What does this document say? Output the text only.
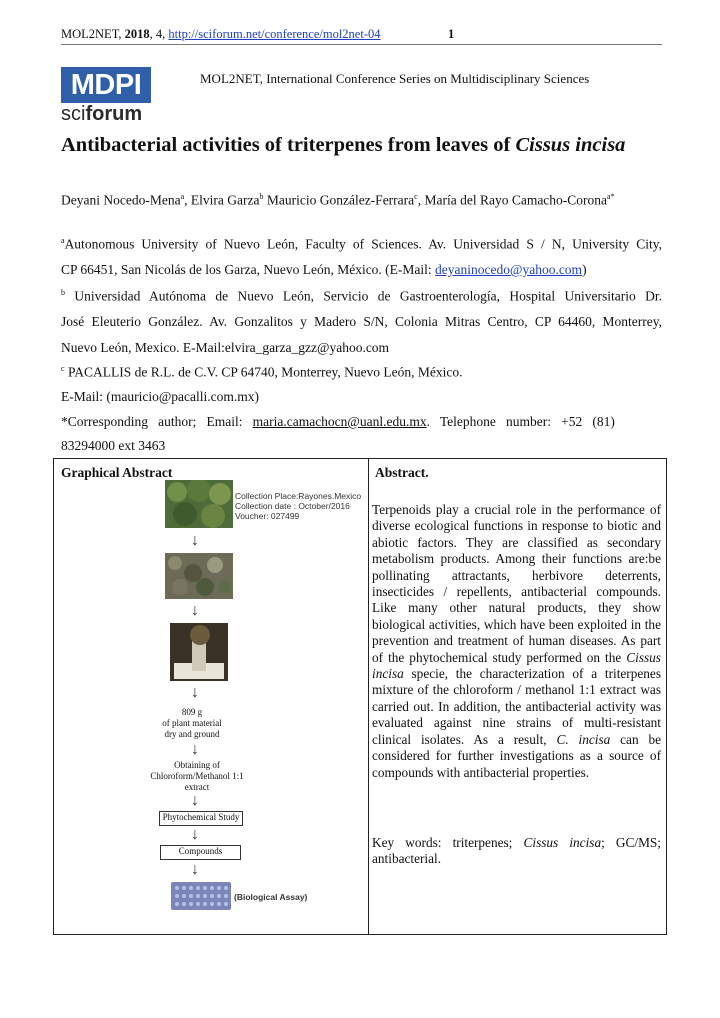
MOL2NET, 2018, 4, http://sciforum.net/conference/mol2net-04	1
MDPI
sciforum
MOL2NET, International Conference Series on Multidisciplinary Sciences
Antibacterial activities of triterpenes from leaves of Cissus incisa
Deyani Nocedo-Mena$^a$, Elvira Garza$^b$ Mauricio González-Ferrara$^c$, María del Rayo Camacho-Corona$^{a*}$
$^a$Autonomous University of Nuevo León, Faculty of Sciences. Av. Universidad S / N, University City,
CP 66451, San Nicolás de los Garza, Nuevo León, México. (E-Mail: deyaninocedo@yahoo.com)
$^b$ Universidad Autónoma de Nuevo León, Servicio de Gastroenterología, Hospital Universitario Dr.
José Eleuterio González. Av. Gonzalitos y Madero S/N, Colonia Mitras Centro, CP 64460, Monterrey,
Nuevo León, Mexico. E-Mail:elvira_garza_gzz@yahoo.com
$^c$ PACALLIS de R.L. de C.V. CP 64740, Monterrey, Nuevo León, México.
E-Mail: (mauricio@pacalli.com.mx)
*Corresponding   author;   Email:   maria.camachocn@uanl.edu.mx.   Telephone   number:   +52   (81)
83294000 ext 3463
Graphical Abstract	Abstract.
Collection Place:Rayones.Mexico
Collection date : October/2016
Voucher: 027499
↓
↓
↓
809 g
of plant material
dry and ground
↓
Obtaining of
Chloroform/Methanol 1:1
extract
↓
Phytochemical Study
↓
Compounds
↓
(Biological Assay)
Terpenoids play a crucial role in the performance of diverse ecological functions in response to biotic and abiotic factors. They are classified as secondary metabolism products. Among their functions are:be pollinating attractants, herbivore deterrents, insecticides / repellents, antibacterial compounds. Like many other natural products, they show biological activities, which have been exploited in the prevention and treatment of human diseases. As part of the phytochemical study performed on the Cissus incisa specie, the characterization of a triterpenes mixture of the chloroform / methanol 1:1 extract was carried out. In addition, the antibacterial activity was evaluated against nine strains of multi-resistant clinical isolates. As a result, C. incisa can be considered for further investigations as a source of compounds with antibacterial properties.
Key words: triterpenes; Cissus incisa; GC/MS; antibacterial.
